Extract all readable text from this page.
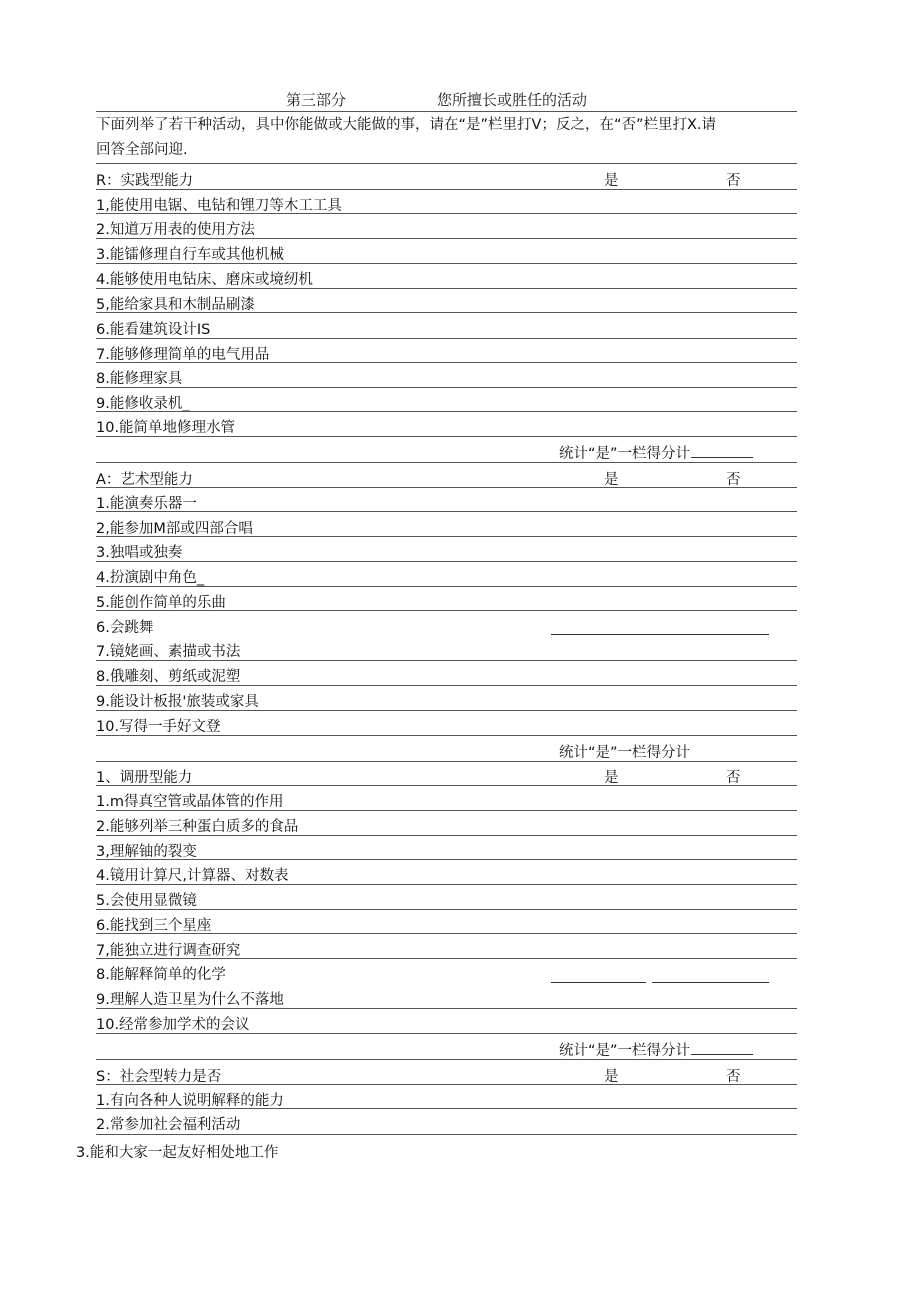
第三部分	您所擅长或胜任的活动
下面列举了若干种活动，具中你能做或大能做的事，请在“是”栏里打V；反之，在“否”栏里打X.请
回答全部问迎.
R：实践型能力	是	否
1,能使用电锯、电钻和锂刀等木工工具
2.知道万用表的使用方法
3.能镭修理自行车或其他机械
4.能够使用电钻床、磨床或境纫机
5,能给家具和木制品刷漆
6.能看建筑设计IS
7.能够修理简单的电气用品
8.能修理家具
9.能修收录机_
10.能简单地修理水管
统计“是”一栏得分计
A：艺术型能力	是	否
1.能演奏乐器一
2,能参加M部或四部合唱
3.独唱或独奏
4.扮演剧中角色_
5.能创作简单的乐曲
6.会跳舞
7.镜姥画、素描或书法
8.俄雕刻、剪纸或泥塑
9.能设计板报'旅装或家具
10.写得一手好文登
统计“是”一栏得分计
1、调册型能力	是	否
1.m得真空管或晶体管的作用
2.能够列举三种蛋白质多的食品
3,理解铀的裂变
4.镜用计算尺,计算器、对数表
5.会使用显微镜
6.能找到三个星座
7,能独立进行调查研究
8.能解释简单的化学
9.理解人造卫星为什么不落地
10.经常参加学术的会议
统计“是”一栏得分计
S：社会型转力是否	是	否
1.有向各种人说明解释的能力
2.常参加社会福利活动
3.能和大家一起友好相处地工作
